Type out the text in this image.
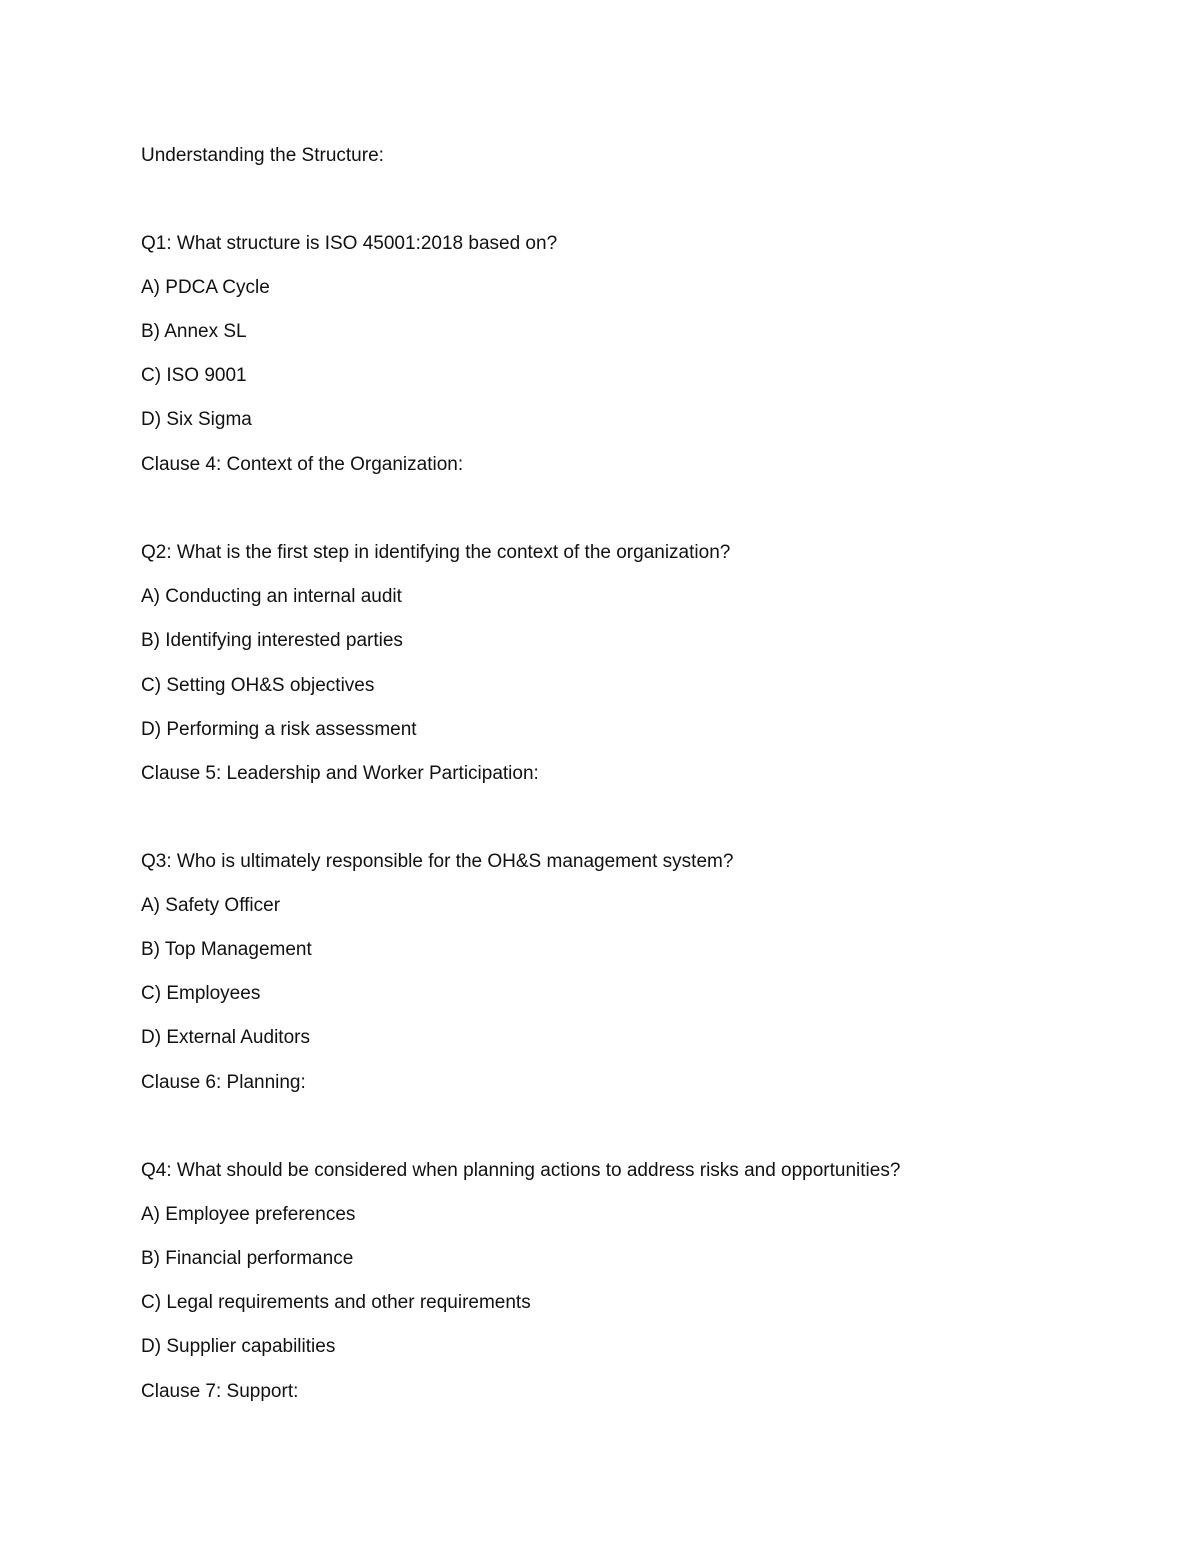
Understanding the Structure:
Q1: What structure is ISO 45001:2018 based on?
A) PDCA Cycle
B) Annex SL
C) ISO 9001
D) Six Sigma
Clause 4: Context of the Organization:
Q2: What is the first step in identifying the context of the organization?
A) Conducting an internal audit
B) Identifying interested parties
C) Setting OH&S objectives
D) Performing a risk assessment
Clause 5: Leadership and Worker Participation:
Q3: Who is ultimately responsible for the OH&S management system?
A) Safety Officer
B) Top Management
C) Employees
D) External Auditors
Clause 6: Planning:
Q4: What should be considered when planning actions to address risks and opportunities?
A) Employee preferences
B) Financial performance
C) Legal requirements and other requirements
D) Supplier capabilities
Clause 7: Support:
